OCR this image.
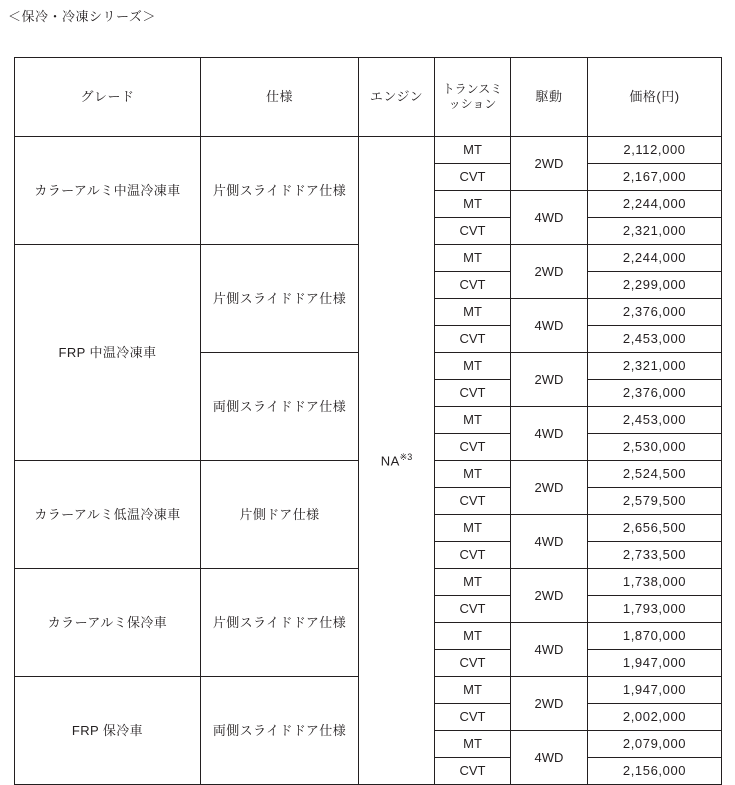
＜保冷・冷凍シリーズ＞
グレード	仕様	エンジン	トランスミッション	駆動	価格(円)
カラーアルミ中温冷凍車	片側スライドドア仕様	NA$^{※3}$	MT	2WD	2,112,000
			CVT		2,167,000
			MT	4WD	2,244,000
			CVT		2,321,000
FRP 中温冷凍車	片側スライドドア仕様		MT	2WD	2,244,000
			CVT		2,299,000
			MT	4WD	2,376,000
			CVT		2,453,000
	両側スライドドア仕様		MT	2WD	2,321,000
			CVT		2,376,000
			MT	4WD	2,453,000
			CVT		2,530,000
カラーアルミ低温冷凍車	片側ドア仕様		MT	2WD	2,524,500
			CVT		2,579,500
			MT	4WD	2,656,500
			CVT		2,733,500
カラーアルミ保冷車	片側スライドドア仕様		MT	2WD	1,738,000
			CVT		1,793,000
			MT	4WD	1,870,000
			CVT		1,947,000
FRP 保冷車	両側スライドドア仕様		MT	2WD	1,947,000
			CVT		2,002,000
			MT	4WD	2,079,000
			CVT		2,156,000
